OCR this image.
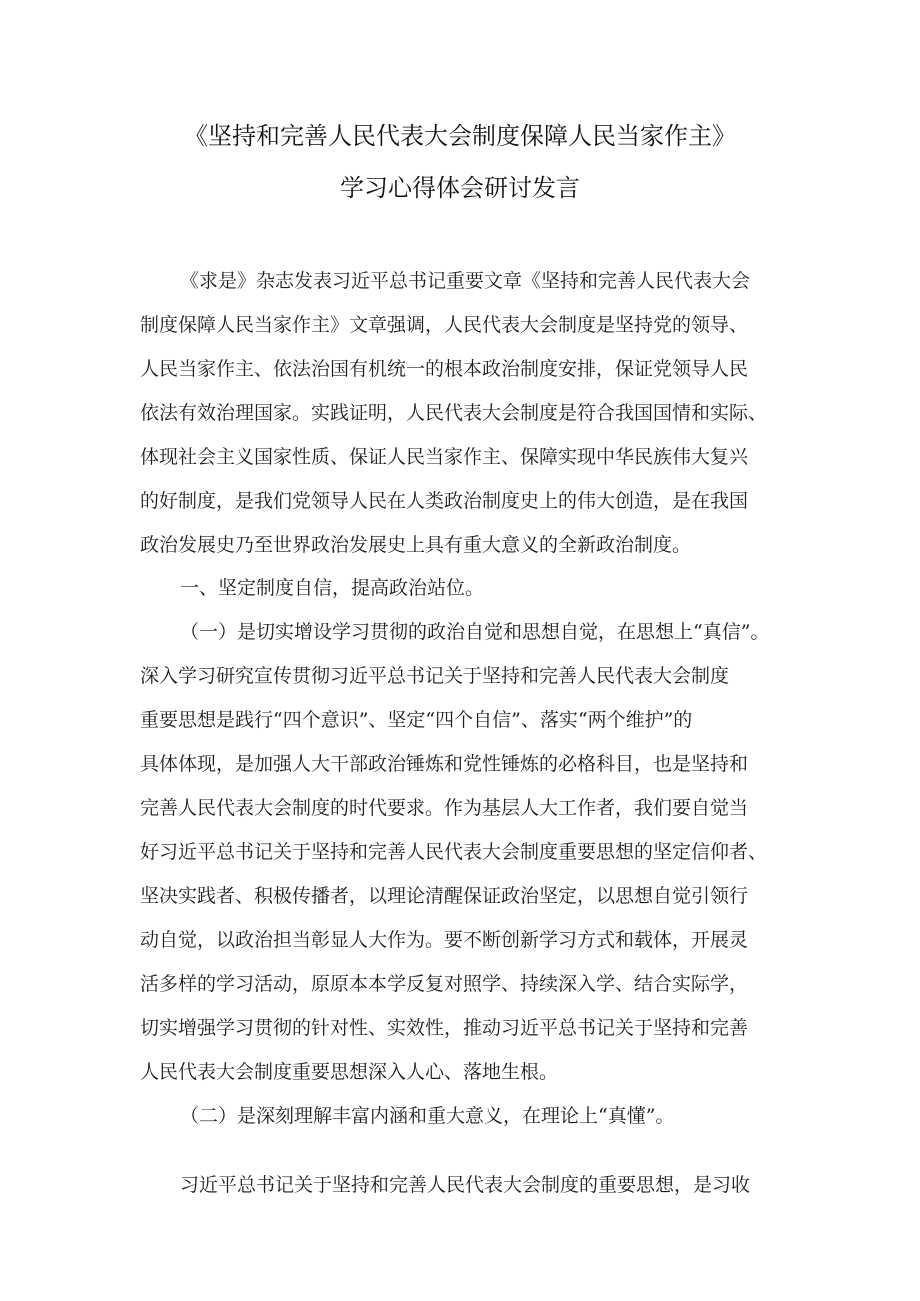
《坚持和完善人民代表大会制度保障人民当家作主》
学习心得体会研讨发言
《求是》杂志发表习近平总书记重要文章《坚持和完善人民代表大会
制度保障人民当家作主》文章强调，人民代表大会制度是坚持党的领导、
人民当家作主、依法治国有机统一的根本政治制度安排，保证党领导人民
依法有效治理国家。实践证明，人民代表大会制度是符合我国国情和实际、
体现社会主义国家性质、保证人民当家作主、保障实现中华民族伟大复兴
的好制度，是我们党领导人民在人类政治制度史上的伟大创造，是在我国
政治发展史乃至世界政治发展史上具有重大意义的全新政治制度。
一、坚定制度自信，提高政治站位。
（一）是切实增设学习贯彻的政治自觉和思想自觉，在思想上“真信”。
深入学习研究宣传贯彻习近平总书记关于坚持和完善人民代表大会制度
重要思想是践行“四个意识”、坚定“四个自信”、落实“两个维护”的
具体体现，是加强人大干部政治锤炼和党性锤炼的必格科目，也是坚持和
完善人民代表大会制度的时代要求。作为基层人大工作者，我们要自觉当
好习近平总书记关于坚持和完善人民代表大会制度重要思想的坚定信仰者、
坚决实践者、积极传播者，以理论清醒保证政治坚定，以思想自觉引领行
动自觉，以政治担当彰显人大作为。要不断创新学习方式和载体，开展灵
活多样的学习活动，原原本本学反复对照学、持续深入学、结合实际学，
切实增强学习贯彻的针对性、实效性，推动习近平总书记关于坚持和完善
人民代表大会制度重要思想深入人心、落地生根。
（二）是深刻理解丰富内涵和重大意义，在理论上“真懂”。
习近平总书记关于坚持和完善人民代表大会制度的重要思想，是习收
